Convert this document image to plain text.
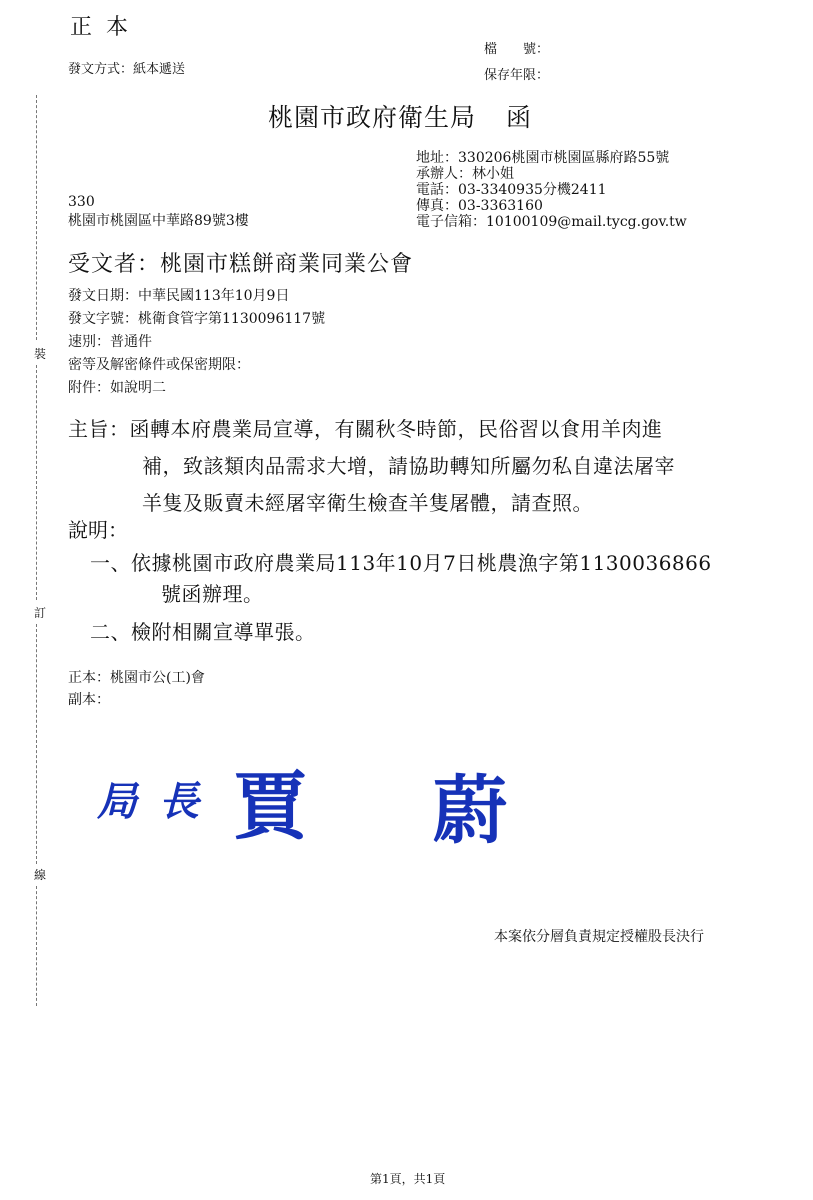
裝
訂
線
正本
發文方式：紙本遞送
檔　　號：
保存年限：
桃園市政府衛生局 函
地址：330206桃園市桃園區縣府路55號
承辦人：林小姐
電話：03-3340935分機2411
傳真：03-3363160
電子信箱：10100109@mail.tycg.gov.tw
330
桃園市桃園區中華路89號3樓
受文者：桃園市糕餅商業同業公會
發文日期：中華民國113年10月9日
發文字號：桃衛食管字第1130096117號
速別：普通件
密等及解密條件或保密期限：
附件：如說明二
主旨：函轉本府農業局宣導，有關秋冬時節，民俗習以食用羊肉進
補，致該類肉品需求大增，請協助轉知所屬勿私自違法屠宰
羊隻及販賣未經屠宰衛生檢查羊隻屠體，請查照。
說明：
一、依據桃園市政府農業局113年10月7日桃農漁字第1130036866
號函辦理。
二、檢附相關宣導單張。
正本：桃園市公(工)會
副本：
局長 賈 蔚
本案依分層負責規定授權股長決行
第1頁，共1頁
